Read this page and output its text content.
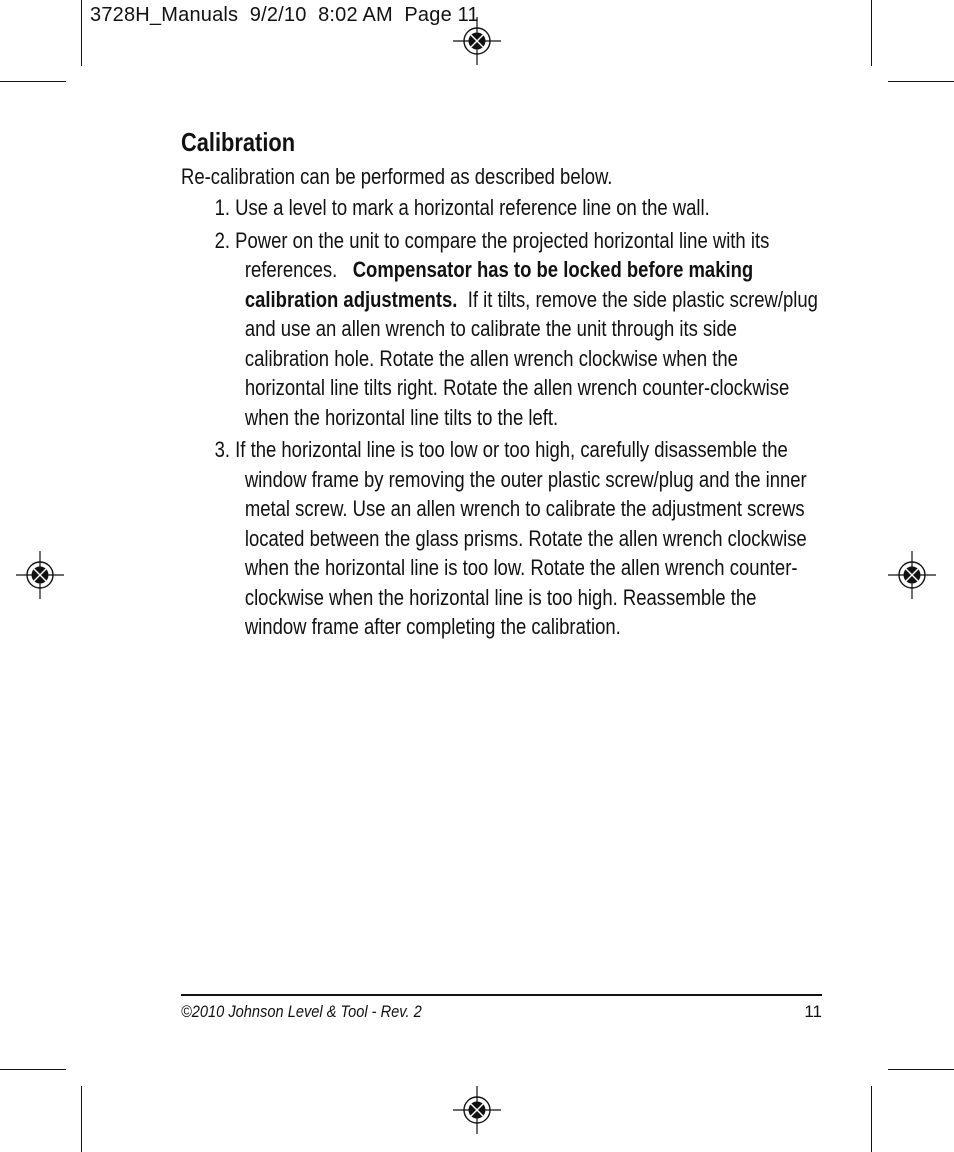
3728H_Manuals  9/2/10  8:02 AM  Page 11
Calibration

Re-calibration can be performed as described below.

1. Use a level to mark a horizontal reference line on the wall.
2. Power on the unit to compare the projected horizontal line with its references. Compensator has to be locked before making calibration adjustments. If it tilts, remove the side plastic screw/plug and use an allen wrench to calibrate the unit through its side calibration hole. Rotate the allen wrench clockwise when the horizontal line tilts right. Rotate the allen wrench counter-clockwise when the horizontal line tilts to the left.
3. If the horizontal line is too low or too high, carefully disassemble the window frame by removing the outer plastic screw/plug and the inner metal screw. Use an allen wrench to calibrate the adjustment screws located between the glass prisms. Rotate the allen wrench clockwise when the horizontal line is too low. Rotate the allen wrench counter-clockwise when the horizontal line is too high. Reassemble the window frame after completing the calibration.
©2010 Johnson Level & Tool - Rev. 2	11
